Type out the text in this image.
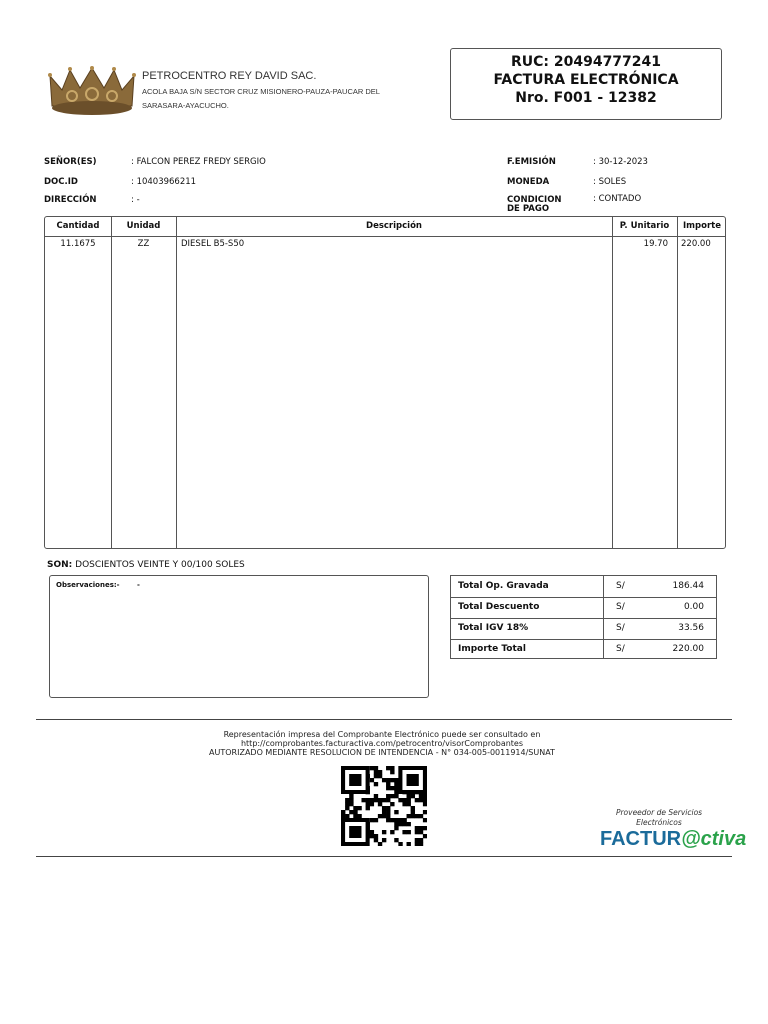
PETROCENTRO REY DAVID SAC.
ACOLA BAJA S/N SECTOR CRUZ MISIONERO-PAUZA-PAUCAR DEL
SARASARA-AYACUCHO.
RUC: 20494777241
FACTURA ELECTRÓNICA
Nro. F001 - 12382
SEÑOR(ES)	: FALCON PEREZ FREDY SERGIO
DOC.ID	: 10403966211
DIRECCIÓN	: -
F.EMISIÓN	: 30-12-2023
MONEDA	: SOLES
CONDICION
DE PAGO
: CONTADO
Cantidad	Unidad	Descripción	P. Unitario	Importe
11.1675	ZZ	DIESEL B5-S50	19.70 220.00
SON: DOSCIENTOS VEINTE Y 00/100 SOLES
Observaciones:- -	Total Op. Gravada	S/	186.44
Total Descuento	S/	0.00
Total IGV 18%	S/	33.56
Importe Total	S/	220.00
Representación impresa del Comprobante Electrónico puede ser consultado en
http://comprobantes.facturactiva.com/petrocentro/visorComprobantes
AUTORIZADO MEDIANTE RESOLUCION DE INTENDENCIA - N° 034-005-0011914/SUNAT
Proveedor de Servicios
Electrónicos
FACTUR@ctiva
